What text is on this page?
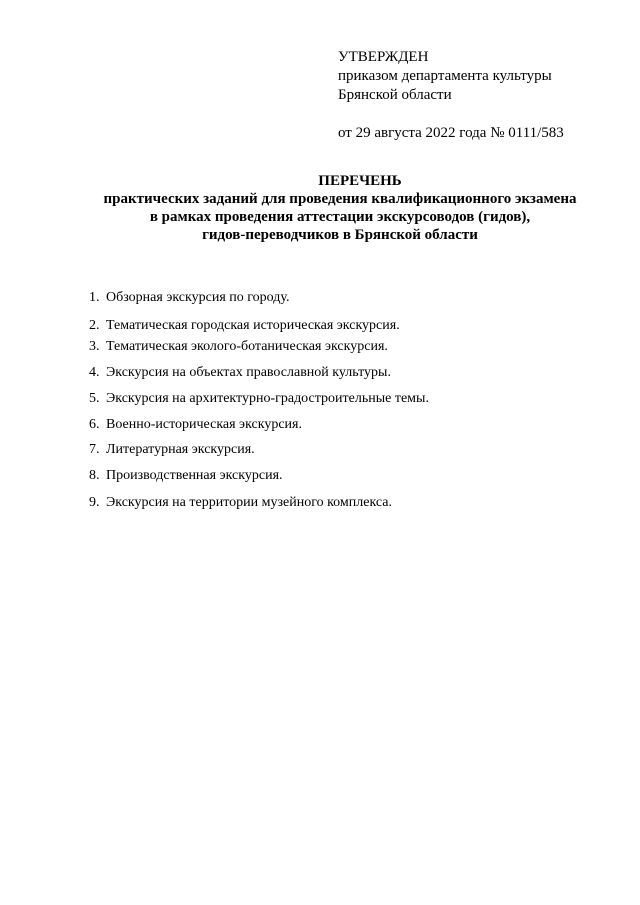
УТВЕРЖДЕН
приказом департамента культуры
Брянской области
от 29 августа 2022 года № 0111/583
ПЕРЕЧЕНЬ
практических заданий для проведения квалификационного экзамена
в рамках проведения аттестации экскурсоводов (гидов),
гидов-переводчиков в Брянской области
1. Обзорная экскурсия по городу.
2. Тематическая городская историческая экскурсия.
3. Тематическая эколого-ботаническая экскурсия.
4. Экскурсия на объектах православной культуры.
5. Экскурсия на архитектурно-градостроительные темы.
6. Военно-историческая экскурсия.
7. Литературная экскурсия.
8. Производственная экскурсия.
9. Экскурсия на территории музейного комплекса.
